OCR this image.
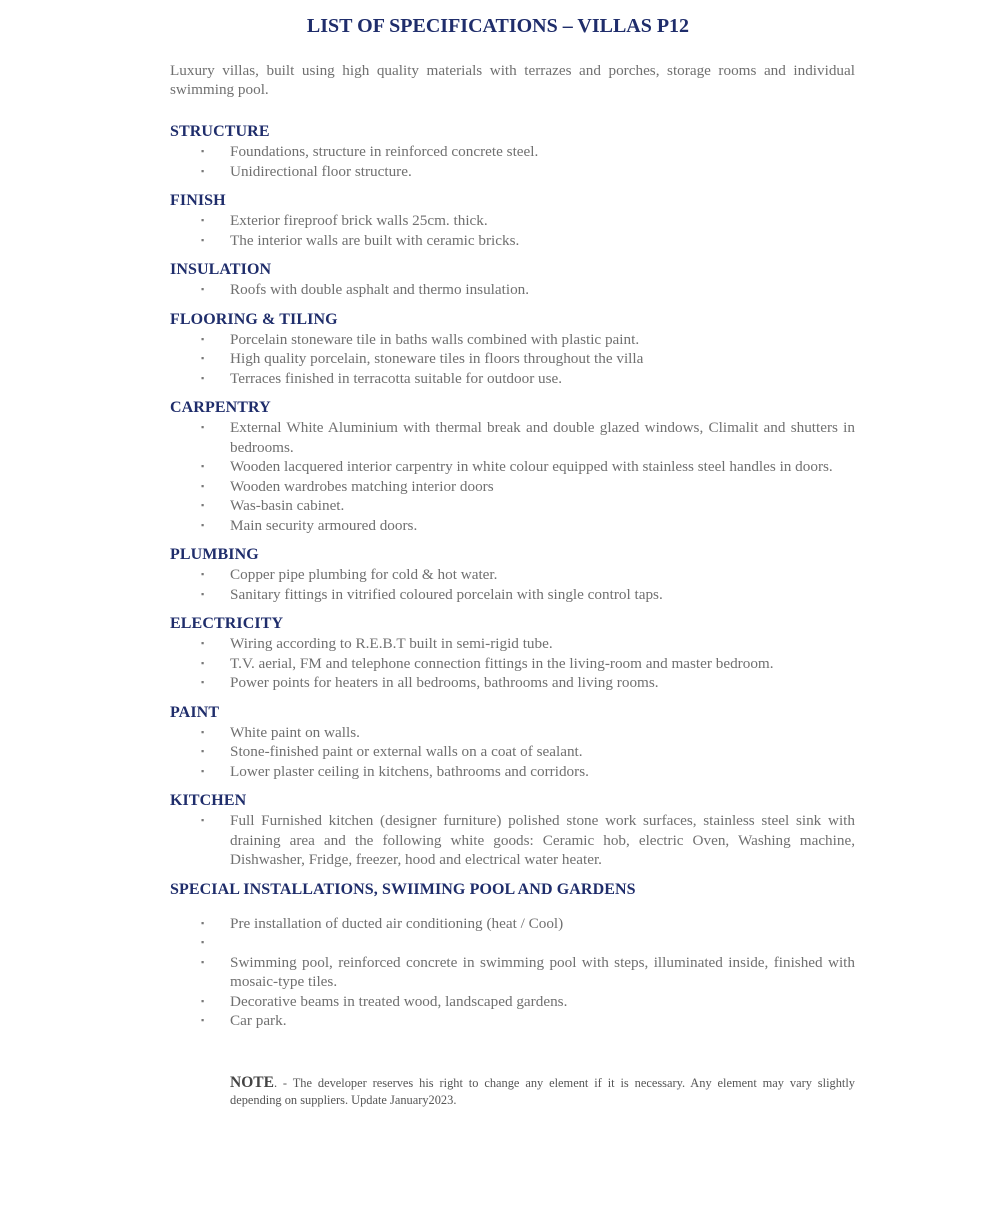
LIST OF SPECIFICATIONS – VILLAS P12

Luxury villas, built using high quality materials with terrazes and porches, storage rooms and individual swimming pool.

STRUCTURE
▪ Foundations, structure in reinforced concrete steel.
▪ Unidirectional floor structure.
FINISH
▪ Exterior fireproof brick walls 25cm. thick.
▪ The interior walls are built with ceramic bricks.
INSULATION
▪ Roofs with double asphalt and thermo insulation.
FLOORING & TILING
▪ Porcelain stoneware tile in baths walls combined with plastic paint.
▪ High quality porcelain, stoneware tiles in floors throughout the villa
▪ Terraces finished in terracotta suitable for outdoor use.
CARPENTRY
▪ External White Aluminium with thermal break and double glazed windows, Climalit and shutters in bedrooms.
▪ Wooden lacquered interior carpentry in white colour equipped with stainless steel handles in doors.
▪ Wooden wardrobes matching interior doors
▪ Was-basin cabinet.
▪ Main security armoured doors.
PLUMBING
▪ Copper pipe plumbing for cold & hot water.
▪ Sanitary fittings in vitrified coloured porcelain with single control taps.
ELECTRICITY
▪ Wiring according to R.E.B.T built in semi-rigid tube.
▪ T.V. aerial, FM and telephone connection fittings in the living-room and master bedroom.
▪ Power points for heaters in all bedrooms, bathrooms and living rooms.
PAINT
▪ White paint on walls.
▪ Stone-finished paint or external walls on a coat of sealant.
▪ Lower plaster ceiling in kitchens, bathrooms and corridors.
KITCHEN
▪ Full Furnished kitchen (designer furniture) polished stone work surfaces, stainless steel sink with draining area and the following white goods: Ceramic hob, electric Oven, Washing machine, Dishwasher, Fridge, freezer, hood and electrical water heater.
SPECIAL INSTALLATIONS, SWIIMING POOL AND GARDENS
▪ Pre installation of ducted air conditioning (heat / Cool)
▪
▪ Swimming pool, reinforced concrete in swimming pool with steps, illuminated inside, finished with mosaic-type tiles.
▪ Decorative beams in treated wood, landscaped gardens.
▪ Car park.

NOTE. - The developer reserves his right to change any element if it is necessary. Any element may vary slightly depending on suppliers. Update January2023.
